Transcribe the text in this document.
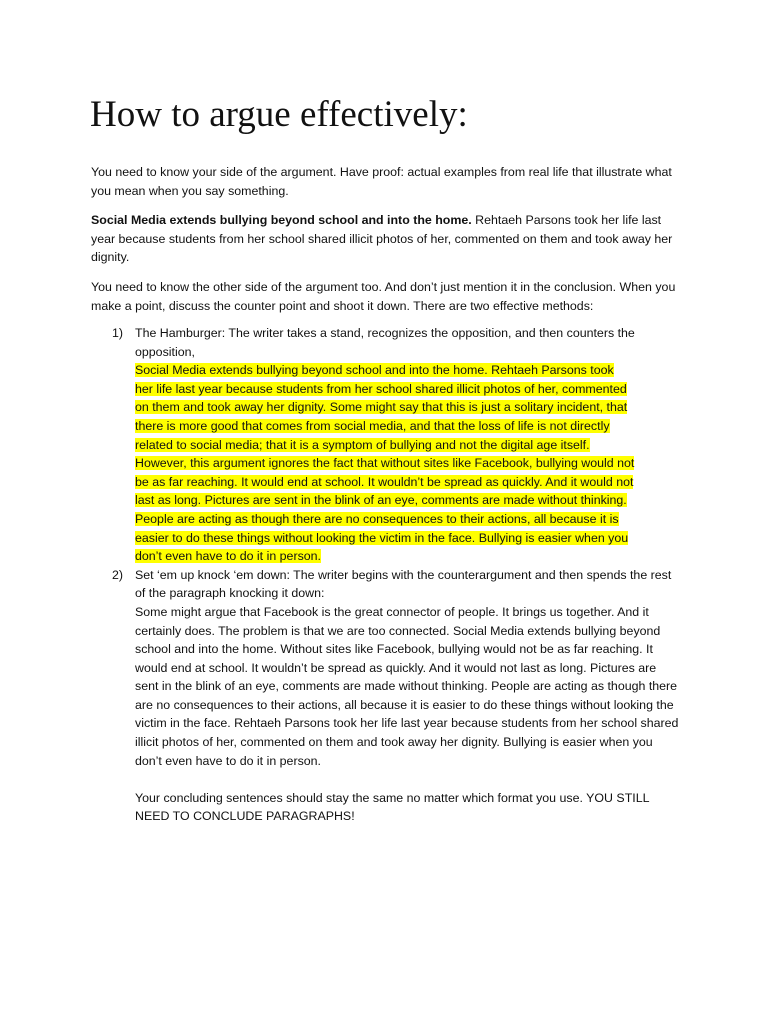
How to argue effectively:

You need to know your side of the argument. Have proof: actual examples from real life that illustrate what you mean when you say something.

Social Media extends bullying beyond school and into the home. Rehtaeh Parsons took her life last year because students from her school shared illicit photos of her, commented on them and took away her dignity.

You need to know the other side of the argument too. And don’t just mention it in the conclusion. When you make a point, discuss the counter point and shoot it down. There are two effective methods:

1) The Hamburger: The writer takes a stand, recognizes the opposition, and then counters the opposition,

Social Media extends bullying beyond school and into the home. Rehtaeh Parsons took her life last year because students from her school shared illicit photos of her, commented on them and took away her dignity. Some might say that this is just a solitary incident, that there is more good that comes from social media, and that the loss of life is not directly related to social media; that it is a symptom of bullying and not the digital age itself. However, this argument ignores the fact that without sites like Facebook, bullying would not be as far reaching. It would end at school. It wouldn’t be spread as quickly. And it would not last as long. Pictures are sent in the blink of an eye, comments are made without thinking. People are acting as though there are no consequences to their actions, all because it is easier to do these things without looking the victim in the face. Bullying is easier when you don’t even have to do it in person.

2) Set ‘em up knock ‘em down: The writer begins with the counterargument and then spends the rest of the paragraph knocking it down:

Some might argue that Facebook is the great connector of people. It brings us together. And it certainly does. The problem is that we are too connected. Social Media extends bullying beyond school and into the home. Without sites like Facebook, bullying would not be as far reaching. It would end at school. It wouldn’t be spread as quickly. And it would not last as long. Pictures are sent in the blink of an eye, comments are made without thinking. People are acting as though there are no consequences to their actions, all because it is easier to do these things without looking the victim in the face. Rehtaeh Parsons took her life last year because students from her school shared illicit photos of her, commented on them and took away her dignity. Bullying is easier when you don’t even have to do it in person.

Your concluding sentences should stay the same no matter which format you use. YOU STILL NEED TO CONCLUDE PARAGRAPHS!
